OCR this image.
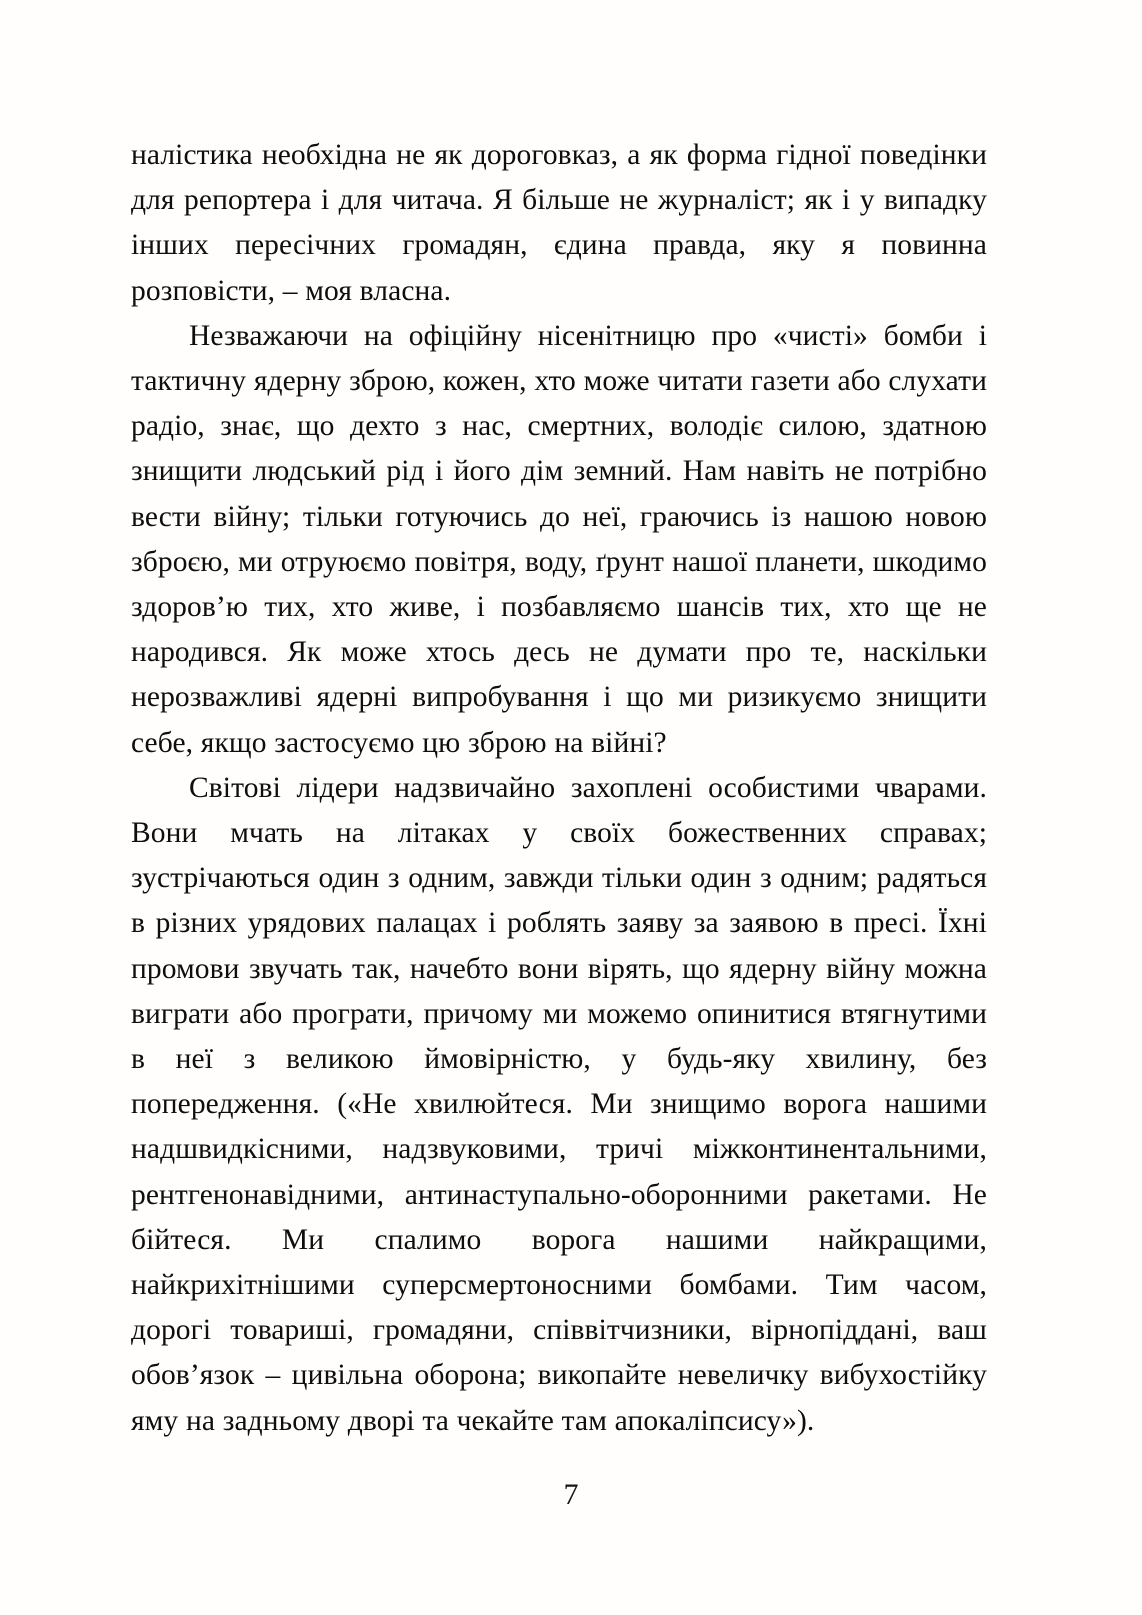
налістика необхідна не як дороговказ, а як форма гідної поведінки для репортера і для читача. Я більше не журналіст; як і у випадку інших пересічних громадян, єдина правда, яку я повинна розповісти, – моя власна.

Незважаючи на офіційну нісенітницю про «чисті» бомби і тактичну ядерну зброю, кожен, хто може читати газети або слухати радіо, знає, що дехто з нас, смертних, володіє силою, здатною знищити людський рід і його дім земний. Нам навіть не потрібно вести війну; тільки готуючись до неї, граючись із нашою новою зброєю, ми отруюємо повітря, воду, ґрунт нашої планети, шкодимо здоров’ю тих, хто живе, і позбавляємо шансів тих, хто ще не народився. Як може хтось десь не думати про те, наскільки нерозважливі ядерні випробування і що ми ризикуємо знищити себе, якщо застосуємо цю зброю на війні?

Світові лідери надзвичайно захоплені особистими чварами. Вони мчать на літаках у своїх божественних справах; зустрічаються один з одним, завжди тільки один з одним; радяться в різних урядових палацах і роблять заяву за заявою в пресі. Їхні промови звучать так, начебто вони вірять, що ядерну війну можна виграти або програти, причому ми можемо опинитися втягнутими в неї з великою ймовірністю, у будь-яку хвилину, без попередження. («Не хвилюйтеся. Ми знищимо ворога нашими надшвидкісними, надзвуковими, тричі міжконтинентальними, рентгенонавідними, антинаступально-оборонними ракетами. Не бійтеся. Ми спалимо ворога нашими найкращими, найкрихітнішими суперсмертоносними бомбами. Тим часом, дорогі товариші, громадяни, співвітчизники, вірнопіддані, ваш обов’язок – цивільна оборона; викопайте невеличку вибухостійку яму на задньому дворі та чекайте там апокаліпсису»).

7
